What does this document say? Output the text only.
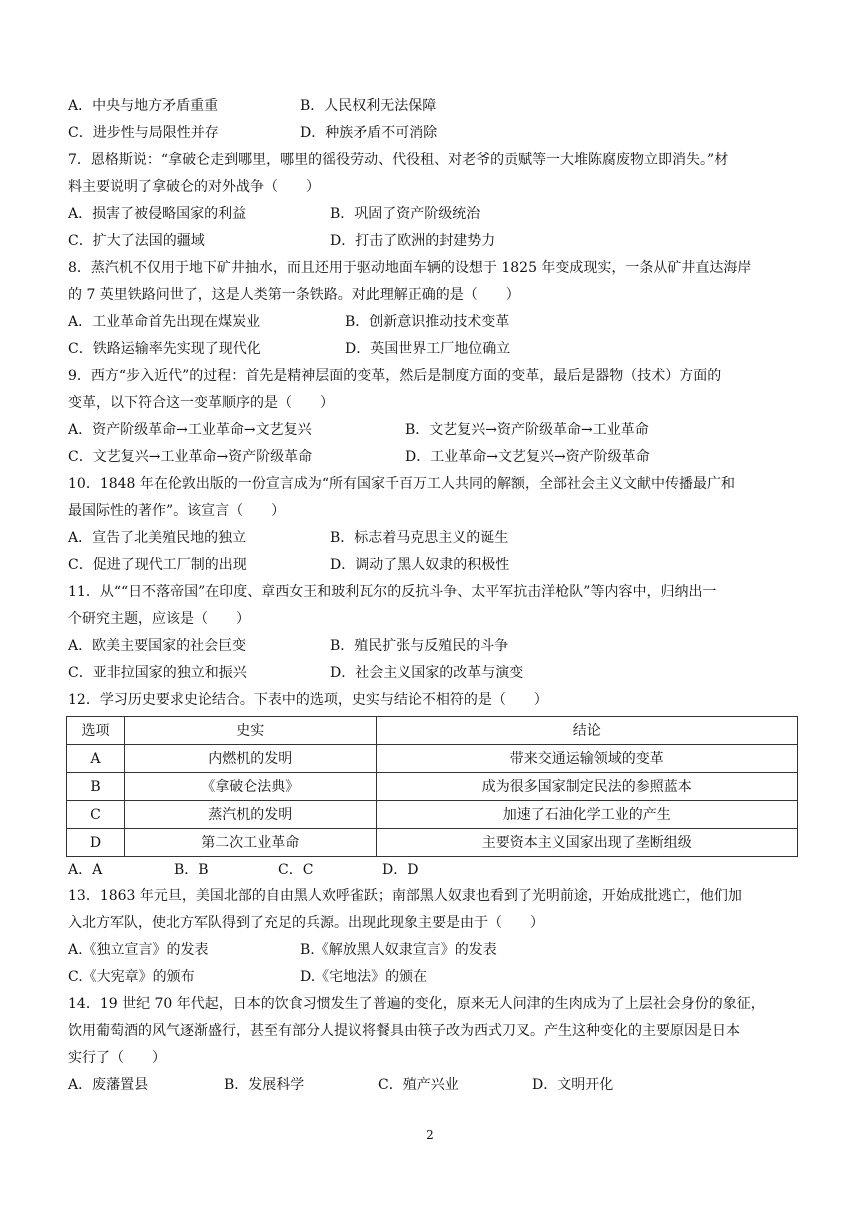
A．中央与地方矛盾重重	B．人民权利无法保障
C．进步性与局限性并存	D．种族矛盾不可消除
7．恩格斯说：“拿破仑走到哪里，哪里的徭役劳动、代役租、对老爷的贡赋等一大堆陈腐废物立即消失。”材
料主要说明了拿破仑的对外战争（　　）
A．损害了被侵略国家的利益	B．巩固了资产阶级统治
C．扩大了法国的疆域	D．打击了欧洲的封建势力
8．蒸汽机不仅用于地下矿井抽水，而且还用于驱动地面车辆的设想于 1825 年变成现实，一条从矿井直达海岸
的 7 英里铁路问世了，这是人类第一条铁路。对此理解正确的是（　　）
A．工业革命首先出现在煤炭业	B．创新意识推动技术变革
C．铁路运输率先实现了现代化	D．英国世界工厂地位确立
9．西方“步入近代”的过程：首先是精神层面的变革，然后是制度方面的变革，最后是器物（技术）方面的
变革，以下符合这一变革顺序的是（　　）
A．资产阶级革命→工业革命→文艺复兴	B．文艺复兴→资产阶级革命→工业革命
C．文艺复兴→工业革命→资产阶级革命	D．工业革命→文艺复兴→资产阶级革命
10．1848 年在伦敦出版的一份宣言成为“所有国家千百万工人共同的解额，全部社会主义文献中传播最广和
最国际性的著作”。该宣言（　　）
A．宣告了北美殖民地的独立	B．标志着马克思主义的诞生
C．促进了现代工厂制的出现	D．调动了黑人奴隶的积极性
11．从““日不落帝国”在印度、章西女王和玻利瓦尔的反抗斗争、太平军抗击洋枪队”等内容中，归纳出一
个研究主题，应该是（　　）
A．欧美主要国家的社会巨变	B．殖民扩张与反殖民的斗争
C．亚非拉国家的独立和振兴	D．社会主义国家的改革与演变
12．学习历史要求史论结合。下表中的选项，史实与结论不相符的是（　　）
选项	史实	结论
A	内燃机的发明	带来交通运输领域的变革
B	《拿破仑法典》	成为很多国家制定民法的参照蓝本
C	蒸汽机的发明	加速了石油化学工业的产生
D	第二次工业革命	主要资本主义国家出现了垄断组级
A．A	B．B	C．C	D．D
13．1863 年元旦，美国北部的自由黑人欢呼雀跃；南部黑人奴隶也看到了光明前途，开始成批逃亡，他们加
入北方军队，使北方军队得到了充足的兵源。出现此现象主要是由于（　　）
A.《独立宣言》的发表	B.《解放黑人奴隶宣言》的发表
C.《大宪章》的颁布	D.《宅地法》的颁在
14．19 世纪 70 年代起，日本的饮食习惯发生了普遍的变化，原来无人问津的生肉成为了上层社会身份的象征，
饮用葡萄酒的风气逐渐盛行，甚至有部分人提议将餐具由筷子改为西式刀叉。产生这种变化的主要原因是日本
实行了（　　）
A．废藩置县	B．发展科学	C．殖产兴业	D．文明开化
2
